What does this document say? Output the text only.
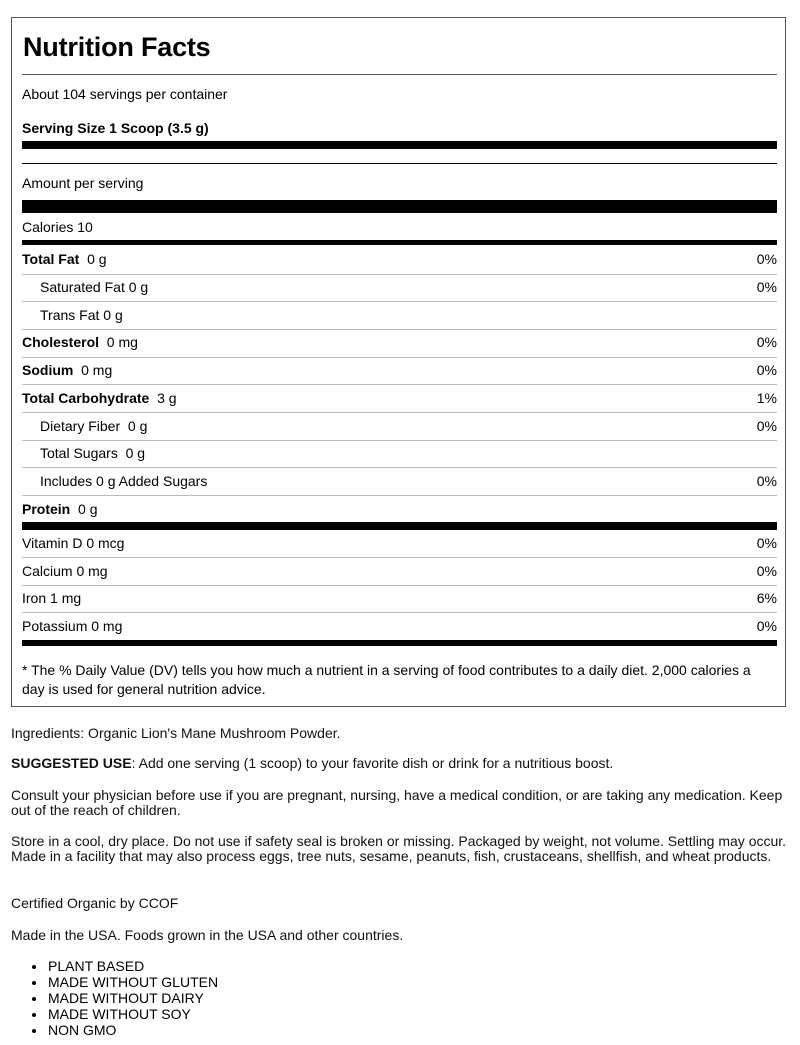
Nutrition Facts
About 104 servings per container
Serving Size 1 Scoop (3.5 g)
Amount per serving
Calories 10
Total Fat 0 g	0%
Saturated Fat 0 g	0%
Trans Fat 0 g
Cholesterol 0 mg	0%
Sodium 0 mg	0%
Total Carbohydrate 3 g	1%
Dietary Fiber  0 g	0%
Total Sugars  0 g
Includes 0 g Added Sugars	0%
Protein 0 g
Vitamin D 0 mcg	0%
Calcium 0 mg	0%
Iron 1 mg	6%
Potassium 0 mg	0%
* The % Daily Value (DV) tells you how much a nutrient in a serving of food contributes to a daily diet. 2,000 calories a day is used for general nutrition advice.
Ingredients: Organic Lion's Mane Mushroom Powder.
SUGGESTED USE: Add one serving (1 scoop) to your favorite dish or drink for a nutritious boost.
Consult your physician before use if you are pregnant, nursing, have a medical condition, or are taking any medication. Keep out of the reach of children.
Store in a cool, dry place. Do not use if safety seal is broken or missing. Packaged by weight, not volume. Settling may occur. Made in a facility that may also process eggs, tree nuts, sesame, peanuts, fish, crustaceans, shellfish, and wheat products.
Certified Organic by CCOF
Made in the USA. Foods grown in the USA and other countries.
• PLANT BASED
• MADE WITHOUT GLUTEN
• MADE WITHOUT DAIRY
• MADE WITHOUT SOY
• NON GMO
